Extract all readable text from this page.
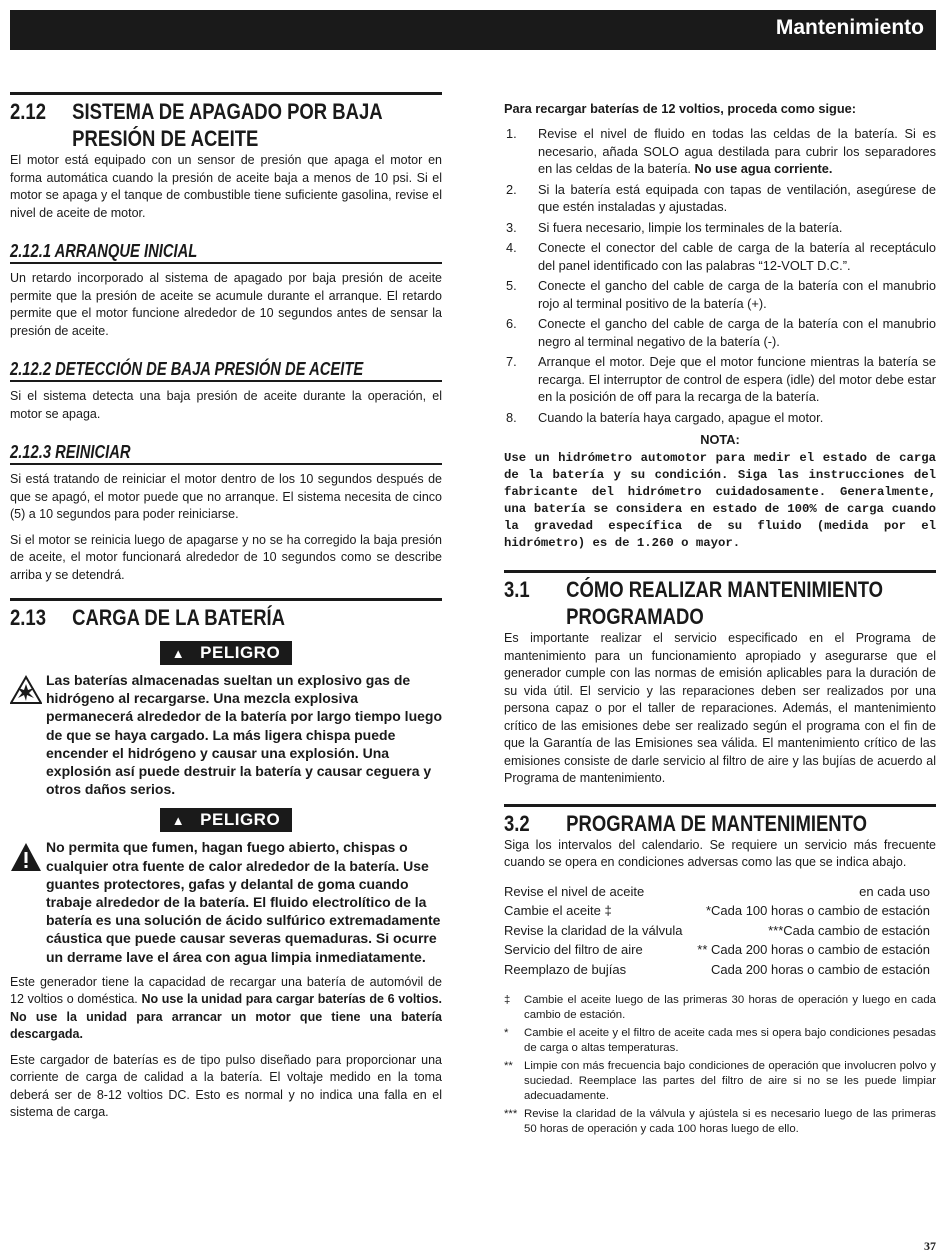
Mantenimiento
2.12	SISTEMA DE APAGADO POR BAJA PRESIÓN DE ACEITE

El motor está equipado con un sensor de presión que apaga el motor en forma automática cuando la presión de aceite baja a menos de 10 psi. Si el motor se apaga y el tanque de combustible tiene suficiente gasolina, revise el nivel de aceite de motor.

2.12.1 ARRANQUE INICIAL

Un retardo incorporado al sistema de apagado por baja presión de aceite permite que la presión de aceite se acumule durante el arranque. El retardo permite que el motor funcione alrededor de 10 segundos antes de sensar la presión de aceite.

2.12.2 DETECCIÓN DE BAJA PRESIÓN DE ACEITE

Si el sistema detecta una baja presión de aceite durante la operación, el motor se apaga.

2.12.3 REINICIAR

Si está tratando de reiniciar el motor dentro de los 10 segundos después de que se apagó, el motor puede que no arranque. El sistema necesita de cinco (5) a 10 segundos para poder reiniciarse.

Si el motor se reinicia luego de apagarse y no se ha corregido la baja presión de aceite, el motor funcionará alrededor de 10 segundos como se describe arriba y se detendrá.

2.13	CARGA DE LA BATERÍA
▲ PELIGRO
Las baterías almacenadas sueltan un explosivo gas de hidrógeno al recargarse. Una mezcla explosiva permanecerá alrededor de la batería por largo tiempo luego de que se haya cargado. La más ligera chispa puede encender el hidrógeno y causar una explosión. Una explosión así puede destruir la batería y causar ceguera y otros daños serios.
▲ PELIGRO
No permita que fumen, hagan fuego abierto, chispas o cualquier otra fuente de calor alrededor de la batería. Use guantes protectores, gafas y delantal de goma cuando trabaje alrededor de la batería. El fluido electrolítico de la batería es una solución de ácido sulfúrico extremadamente cáustica que puede causar severas quemaduras. Si ocurre un derrame lave el área con agua limpia inmediatamente.

Este generador tiene la capacidad de recargar una batería de automóvil de 12 voltios o doméstica. No use la unidad para cargar baterías de 6 voltios. No use la unidad para arrancar un motor que tiene una batería descargada.

Este cargador de baterías es de tipo pulso diseñado para proporcionar una corriente de carga de calidad a la batería. El voltaje medido en la toma deberá ser de 8-12 voltios DC. Esto es normal y no indica una falla en el sistema de carga.

Para recargar baterías de 12 voltios, proceda como sigue:
1.	Revise el nivel de fluido en todas las celdas de la batería. Si es necesario, añada SOLO agua destilada para cubrir los separadores en las celdas de la batería. No use agua corriente.
2.	Si la batería está equipada con tapas de ventilación, asegúrese de que estén instaladas y ajustadas.
3.	Si fuera necesario, limpie los terminales de la batería.
4.	Conecte el conector del cable de carga de la batería al receptáculo del panel identificado con las palabras “12-VOLT D.C.”.
5.	Conecte el gancho del cable de carga de la batería con el manubrio rojo al terminal positivo de la batería (+).
6.	Conecte el gancho del cable de carga de la batería con el manubrio negro al terminal negativo de la batería (-).
7.	Arranque el motor. Deje que el motor funcione mientras la batería se recarga. El interruptor de control de espera (idle) del motor debe estar en la posición de off para la recarga de la batería.
8.	Cuando la batería haya cargado, apague el motor.
NOTA:
Use un hidrómetro automotor para medir el estado de carga de la batería y su condición. Siga las instrucciones del fabricante del hidrómetro cuidadosamente. Generalmente, una batería se considera en estado de 100% de carga cuando la gravedad específica de su fluido (medida por el hidrómetro) es de 1.260 o mayor.
3.1	CÓMO REALIZAR MANTENIMIENTO PROGRAMADO

Es importante realizar el servicio especificado en el Programa de mantenimiento para un funcionamiento apropiado y asegurarse que el generador cumple con las normas de emisión aplicables para la duración de su vida útil. El servicio y las reparaciones deben ser realizados por una persona capaz o por el taller de reparaciones. Además, el mantenimiento crítico de las emisiones debe ser realizado según el programa con el fin de que la Garantía de las Emisiones sea válida. El mantenimiento crítico de las emisiones consiste de darle servicio al filtro de aire y las bujías de acuerdo al Programa de mantenimiento.

3.2	PROGRAMA DE MANTENIMIENTO

Siga los intervalos del calendario. Se requiere un servicio más frecuente cuando se opera en condiciones adversas como las que se indica abajo.

Revise el nivel de aceite	en cada uso
Cambie el aceite ‡	*Cada 100 horas o cambio de estación
Revise la claridad de la válvula	***Cada cambio de estación
Servicio del filtro de aire	** Cada 200 horas o cambio de estación
Reemplazo de bujías	Cada 200 horas o cambio de estación
‡	Cambie el aceite luego de las primeras 30 horas de operación y luego en cada cambio de estación.
*	Cambie el aceite y el filtro de aceite cada mes si opera bajo condiciones pesadas de carga o altas temperaturas.
** Limpie con más frecuencia bajo condiciones de operación que involucren polvo y suciedad. Reemplace las partes del filtro de aire si no se les puede limpiar adecuadamente.
*** Revise la claridad de la válvula y ajústela si es necesario luego de las primeras 50 horas de operación y cada 100 horas luego de ello.
37
